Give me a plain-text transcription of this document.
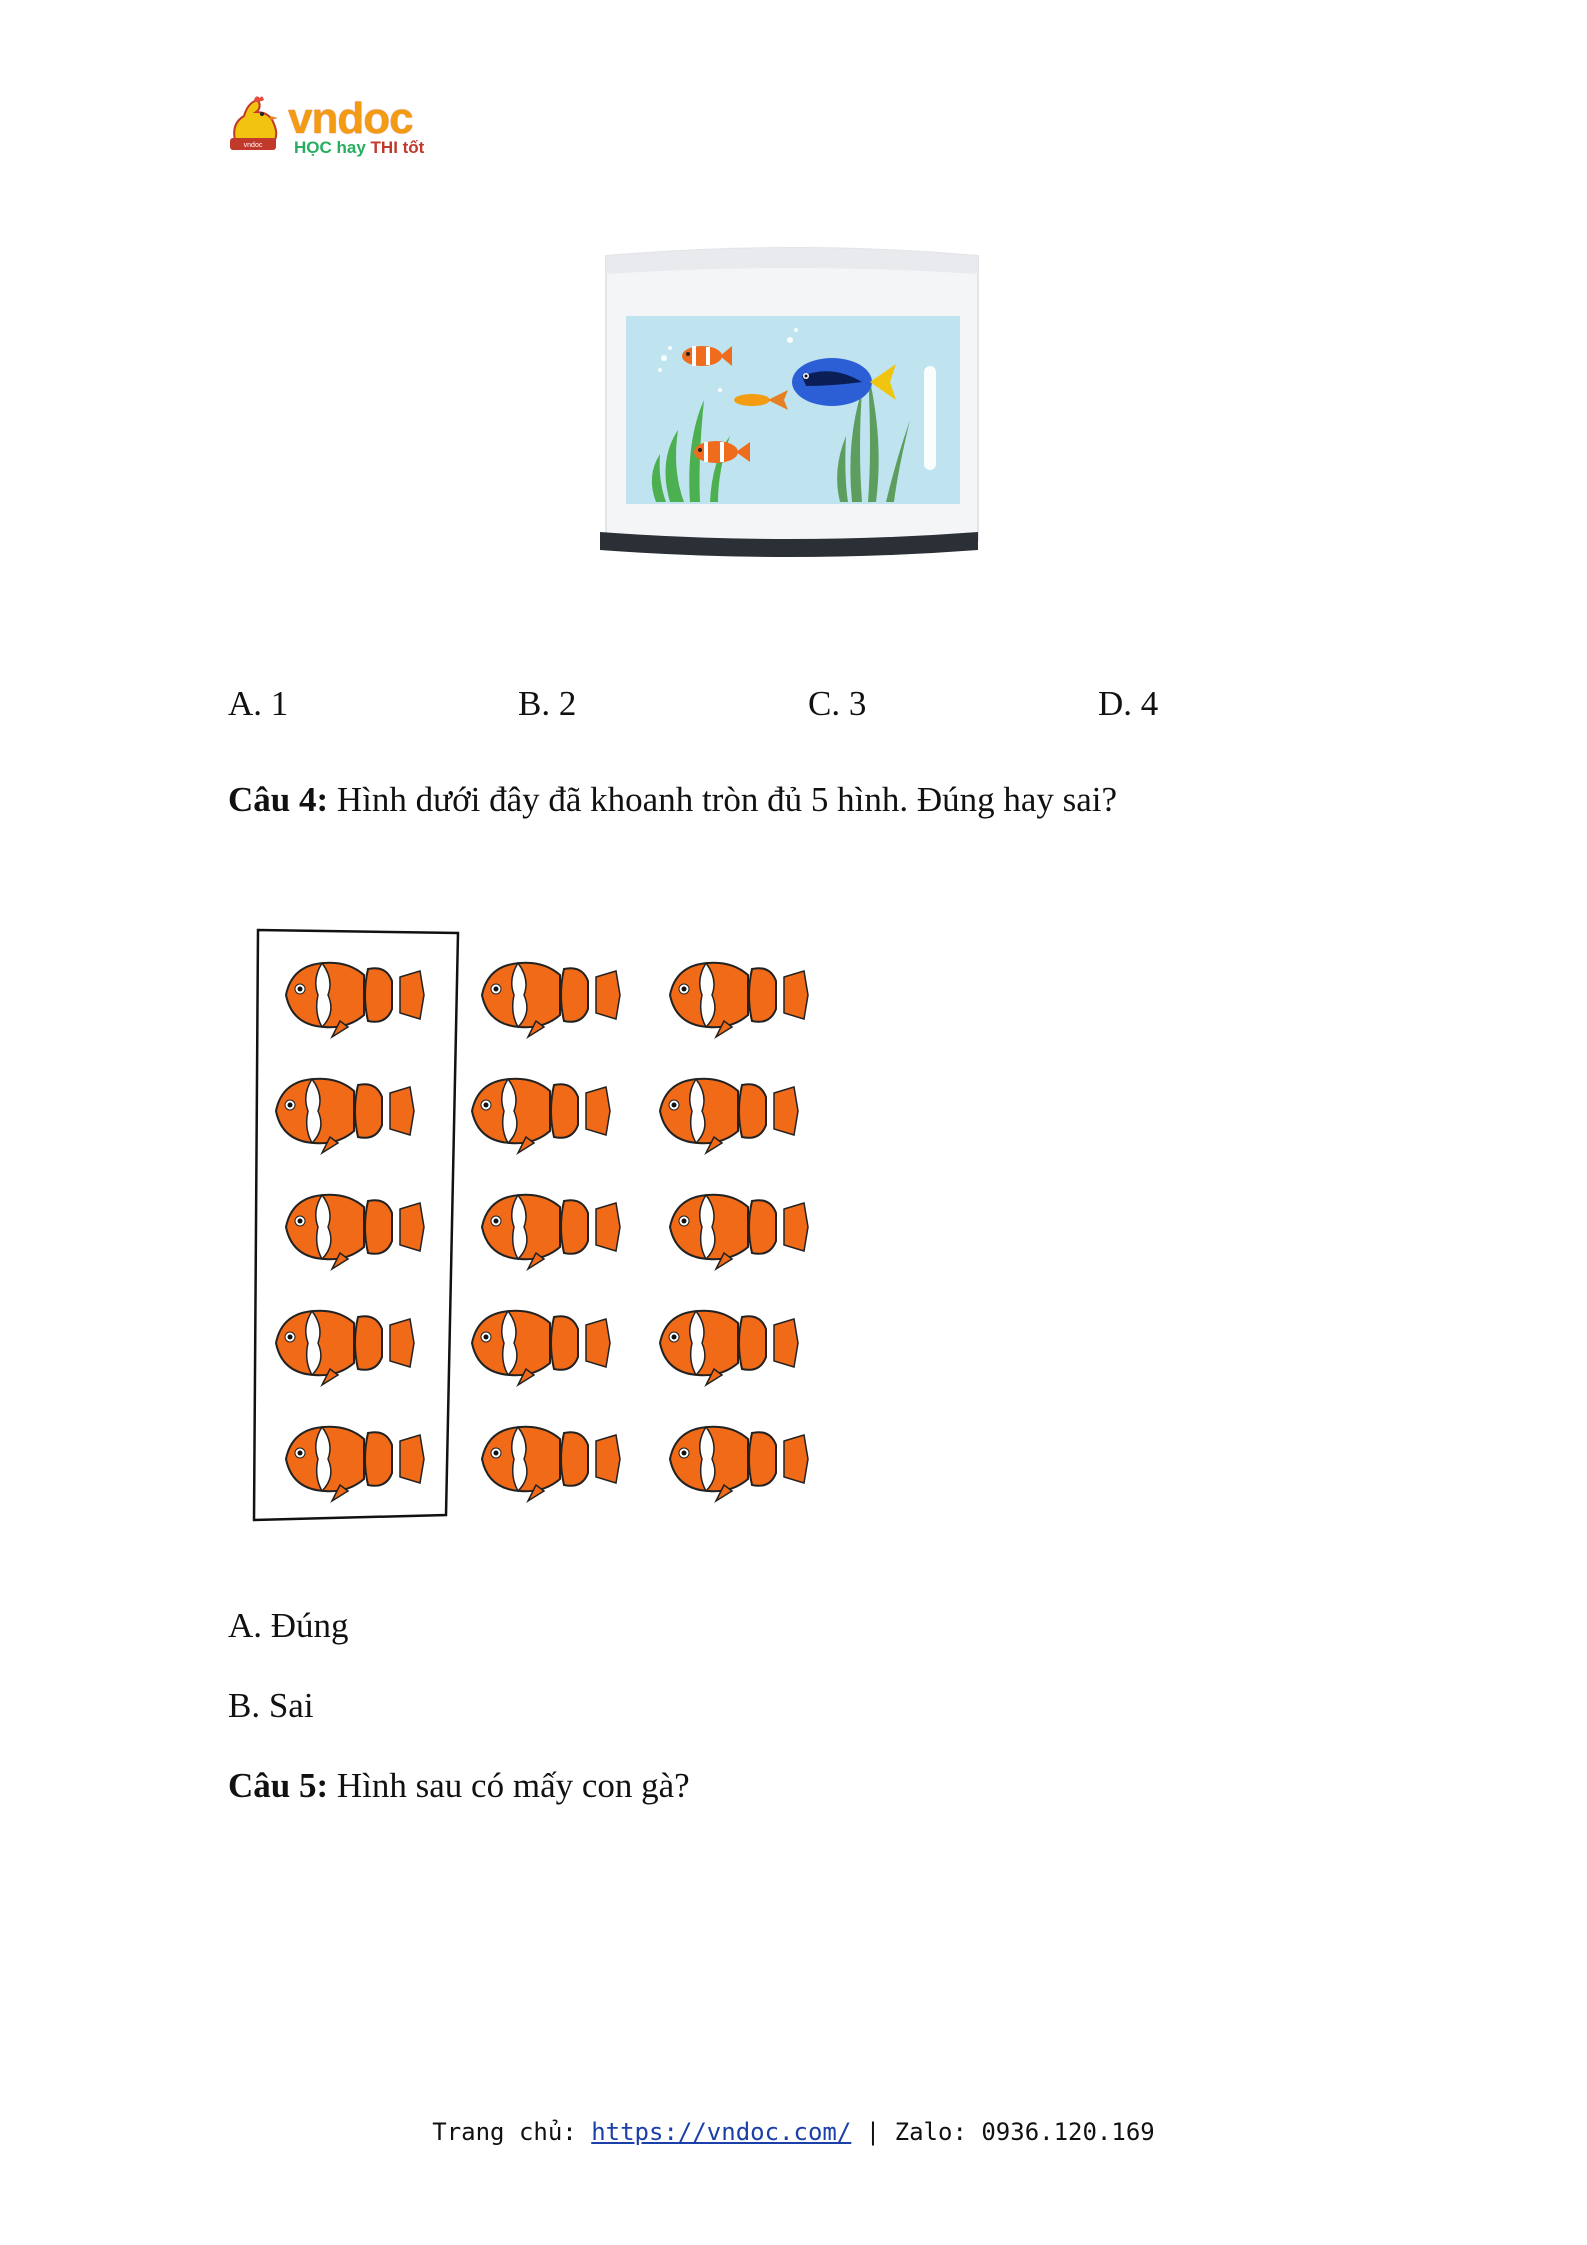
vndoc
vndoc
HỌC hay THI tốt
A. 1	B. 2	C. 3	D. 4
Câu 4: Hình dưới đây đã khoanh tròn đủ 5 hình. Đúng hay sai?
A. Đúng
B. Sai
Câu 5: Hình sau có mấy con gà?
Trang chủ: https://vndoc.com/ | Zalo: 0936.120.169
